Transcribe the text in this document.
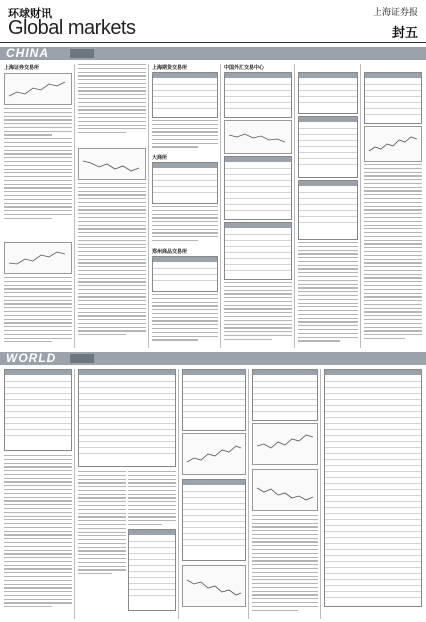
环球财讯
Global markets
上海证券报
封五
CHINA
上海证券交易所	上海期货交易所
大商所
郑州商品交易所
中国外汇交易中心
WORLD
